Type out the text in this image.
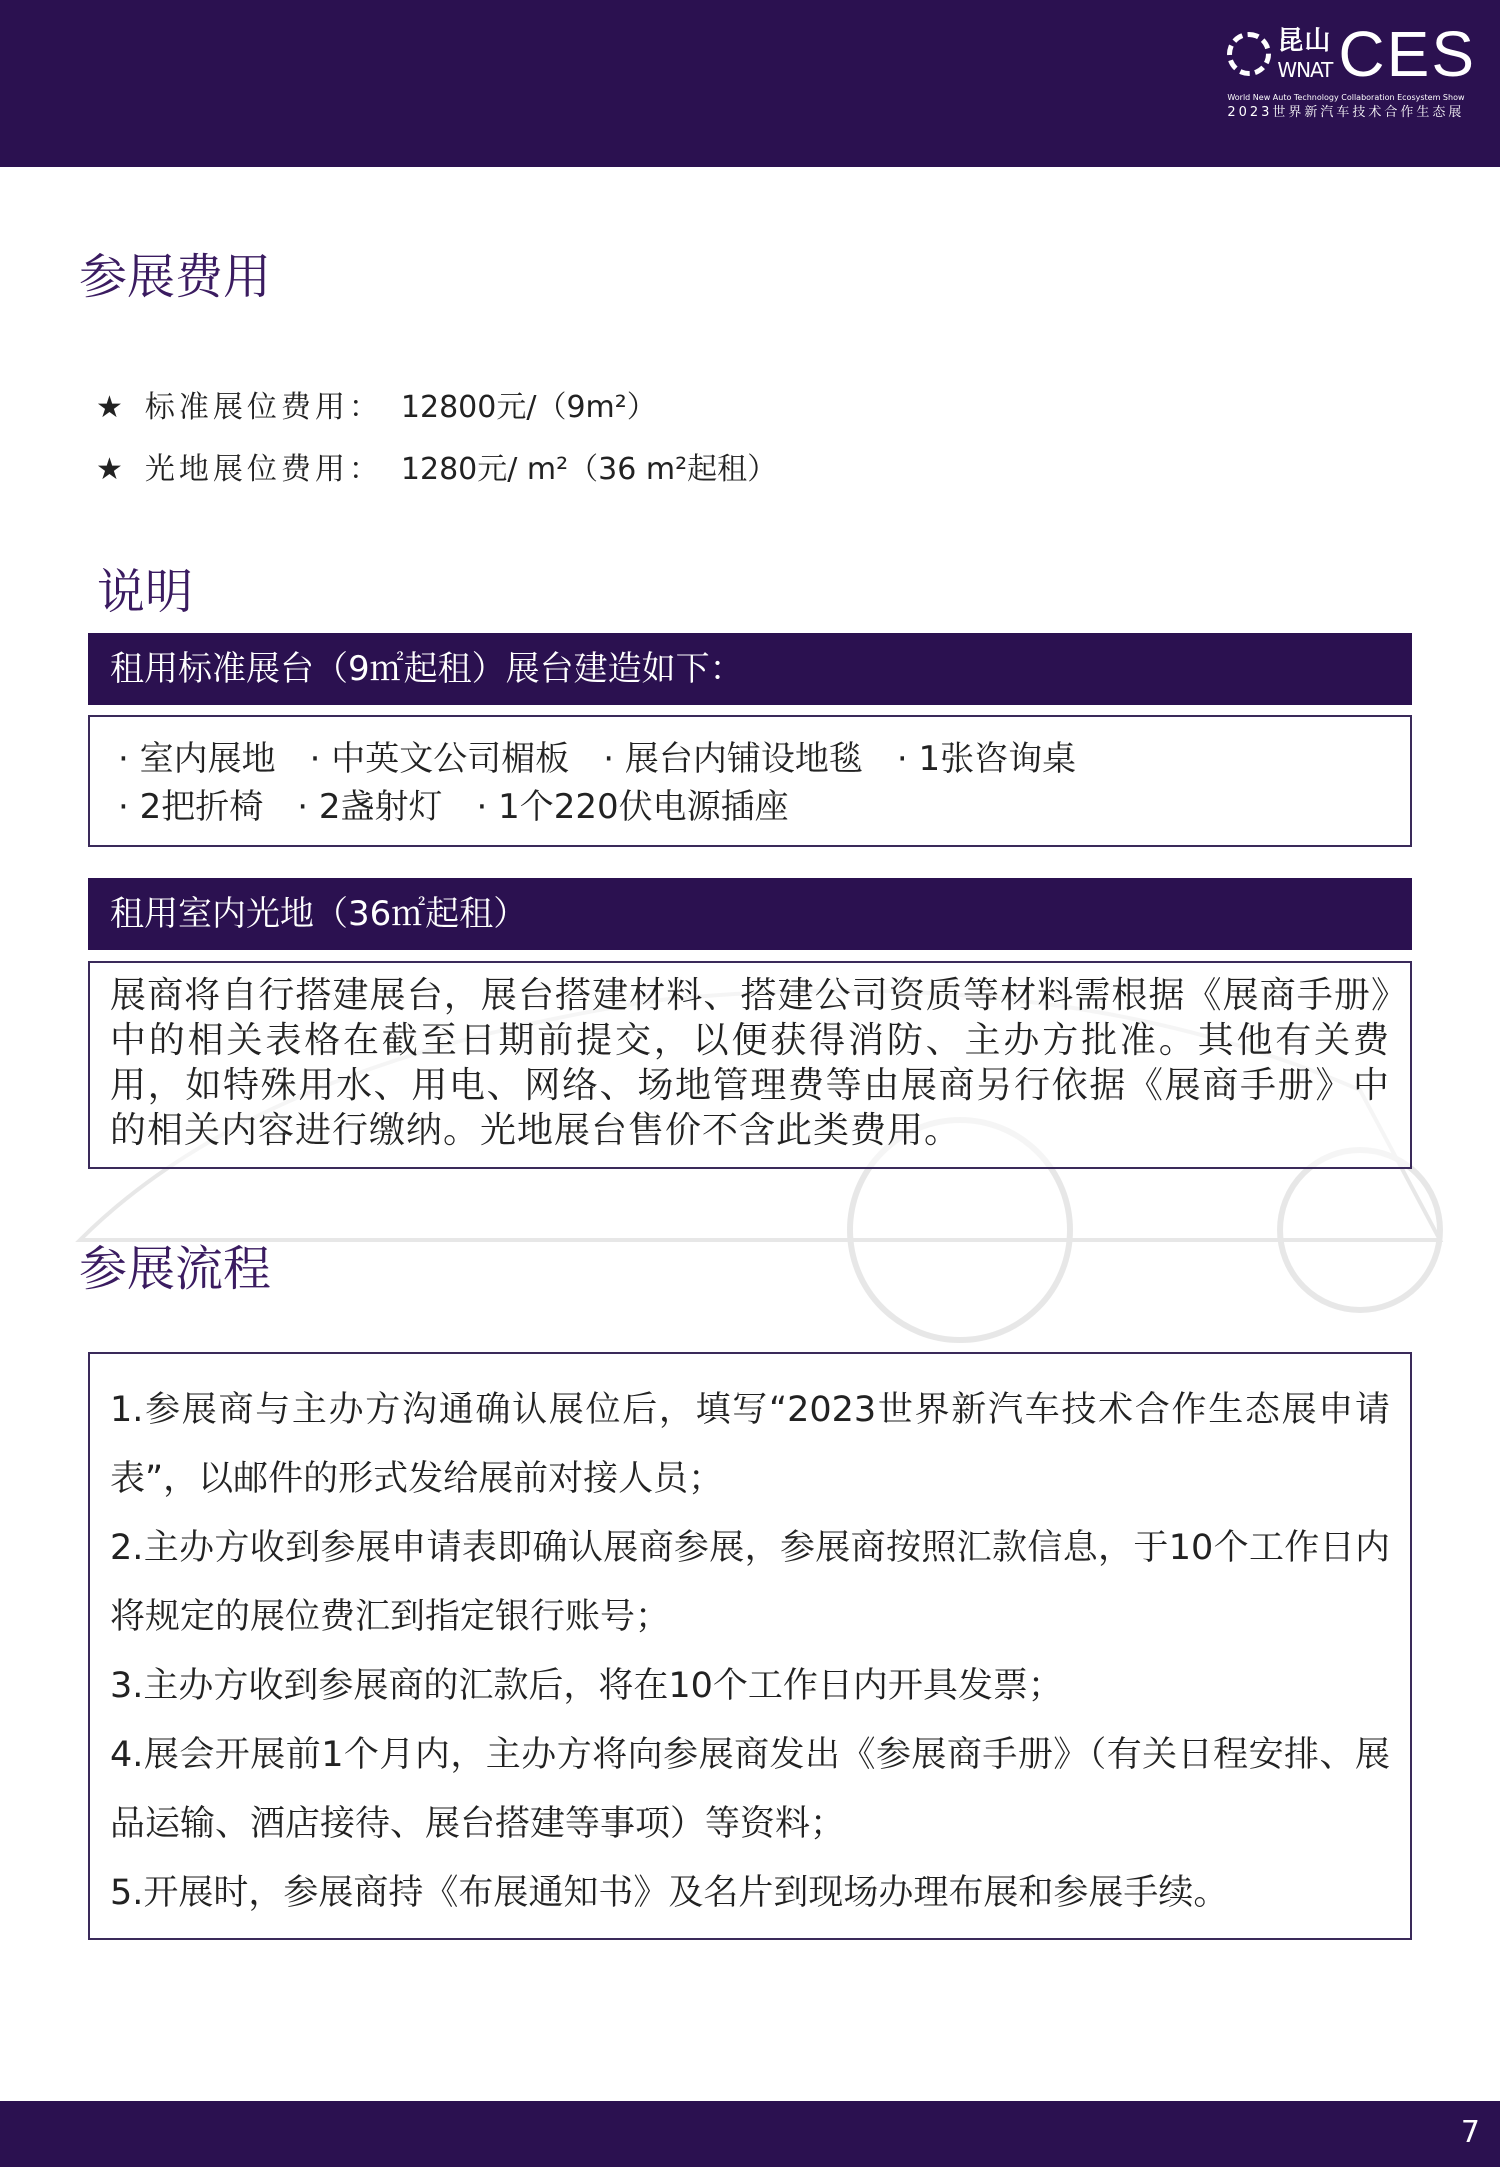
昆山
WNAT CES
World New Auto Technology Collaboration Ecosystem Show
2023世界新汽车技术合作生态展
参展费用
★ 标准展位费用： 12800元/（9m²）
★ 光地展位费用： 1280元/ m²（36 m²起租）
说明
租用标准展台（9㎡起租）展台建造如下：
· 室内展地 · 中英文公司楣板 · 展台内铺设地毯 · 1张咨询桌
· 2把折椅 · 2盏射灯 · 1个220伏电源插座
租用室内光地（36㎡起租）
展商将自行搭建展台，展台搭建材料、搭建公司资质等材料需根据《展商手册》中的相关表格在截至日期前提交，以便获得消防、主办方批准。其他有关费用，如特殊用水、用电、网络、场地管理费等由展商另行依据《展商手册》中的相关内容进行缴纳。光地展台售价不含此类费用。
参展流程
1.参展商与主办方沟通确认展位后，填写“2023世界新汽车技术合作生态展申请表”，以邮件的形式发给展前对接人员；
2.主办方收到参展申请表即确认展商参展，参展商按照汇款信息，于10个工作日内将规定的展位费汇到指定银行账号；
3.主办方收到参展商的汇款后，将在10个工作日内开具发票；
4.展会开展前1个月内，主办方将向参展商发出《参展商手册》（有关日程安排、展品运输、酒店接待、展台搭建等事项）等资料；
5.开展时，参展商持《布展通知书》及名片到现场办理布展和参展手续。
7
